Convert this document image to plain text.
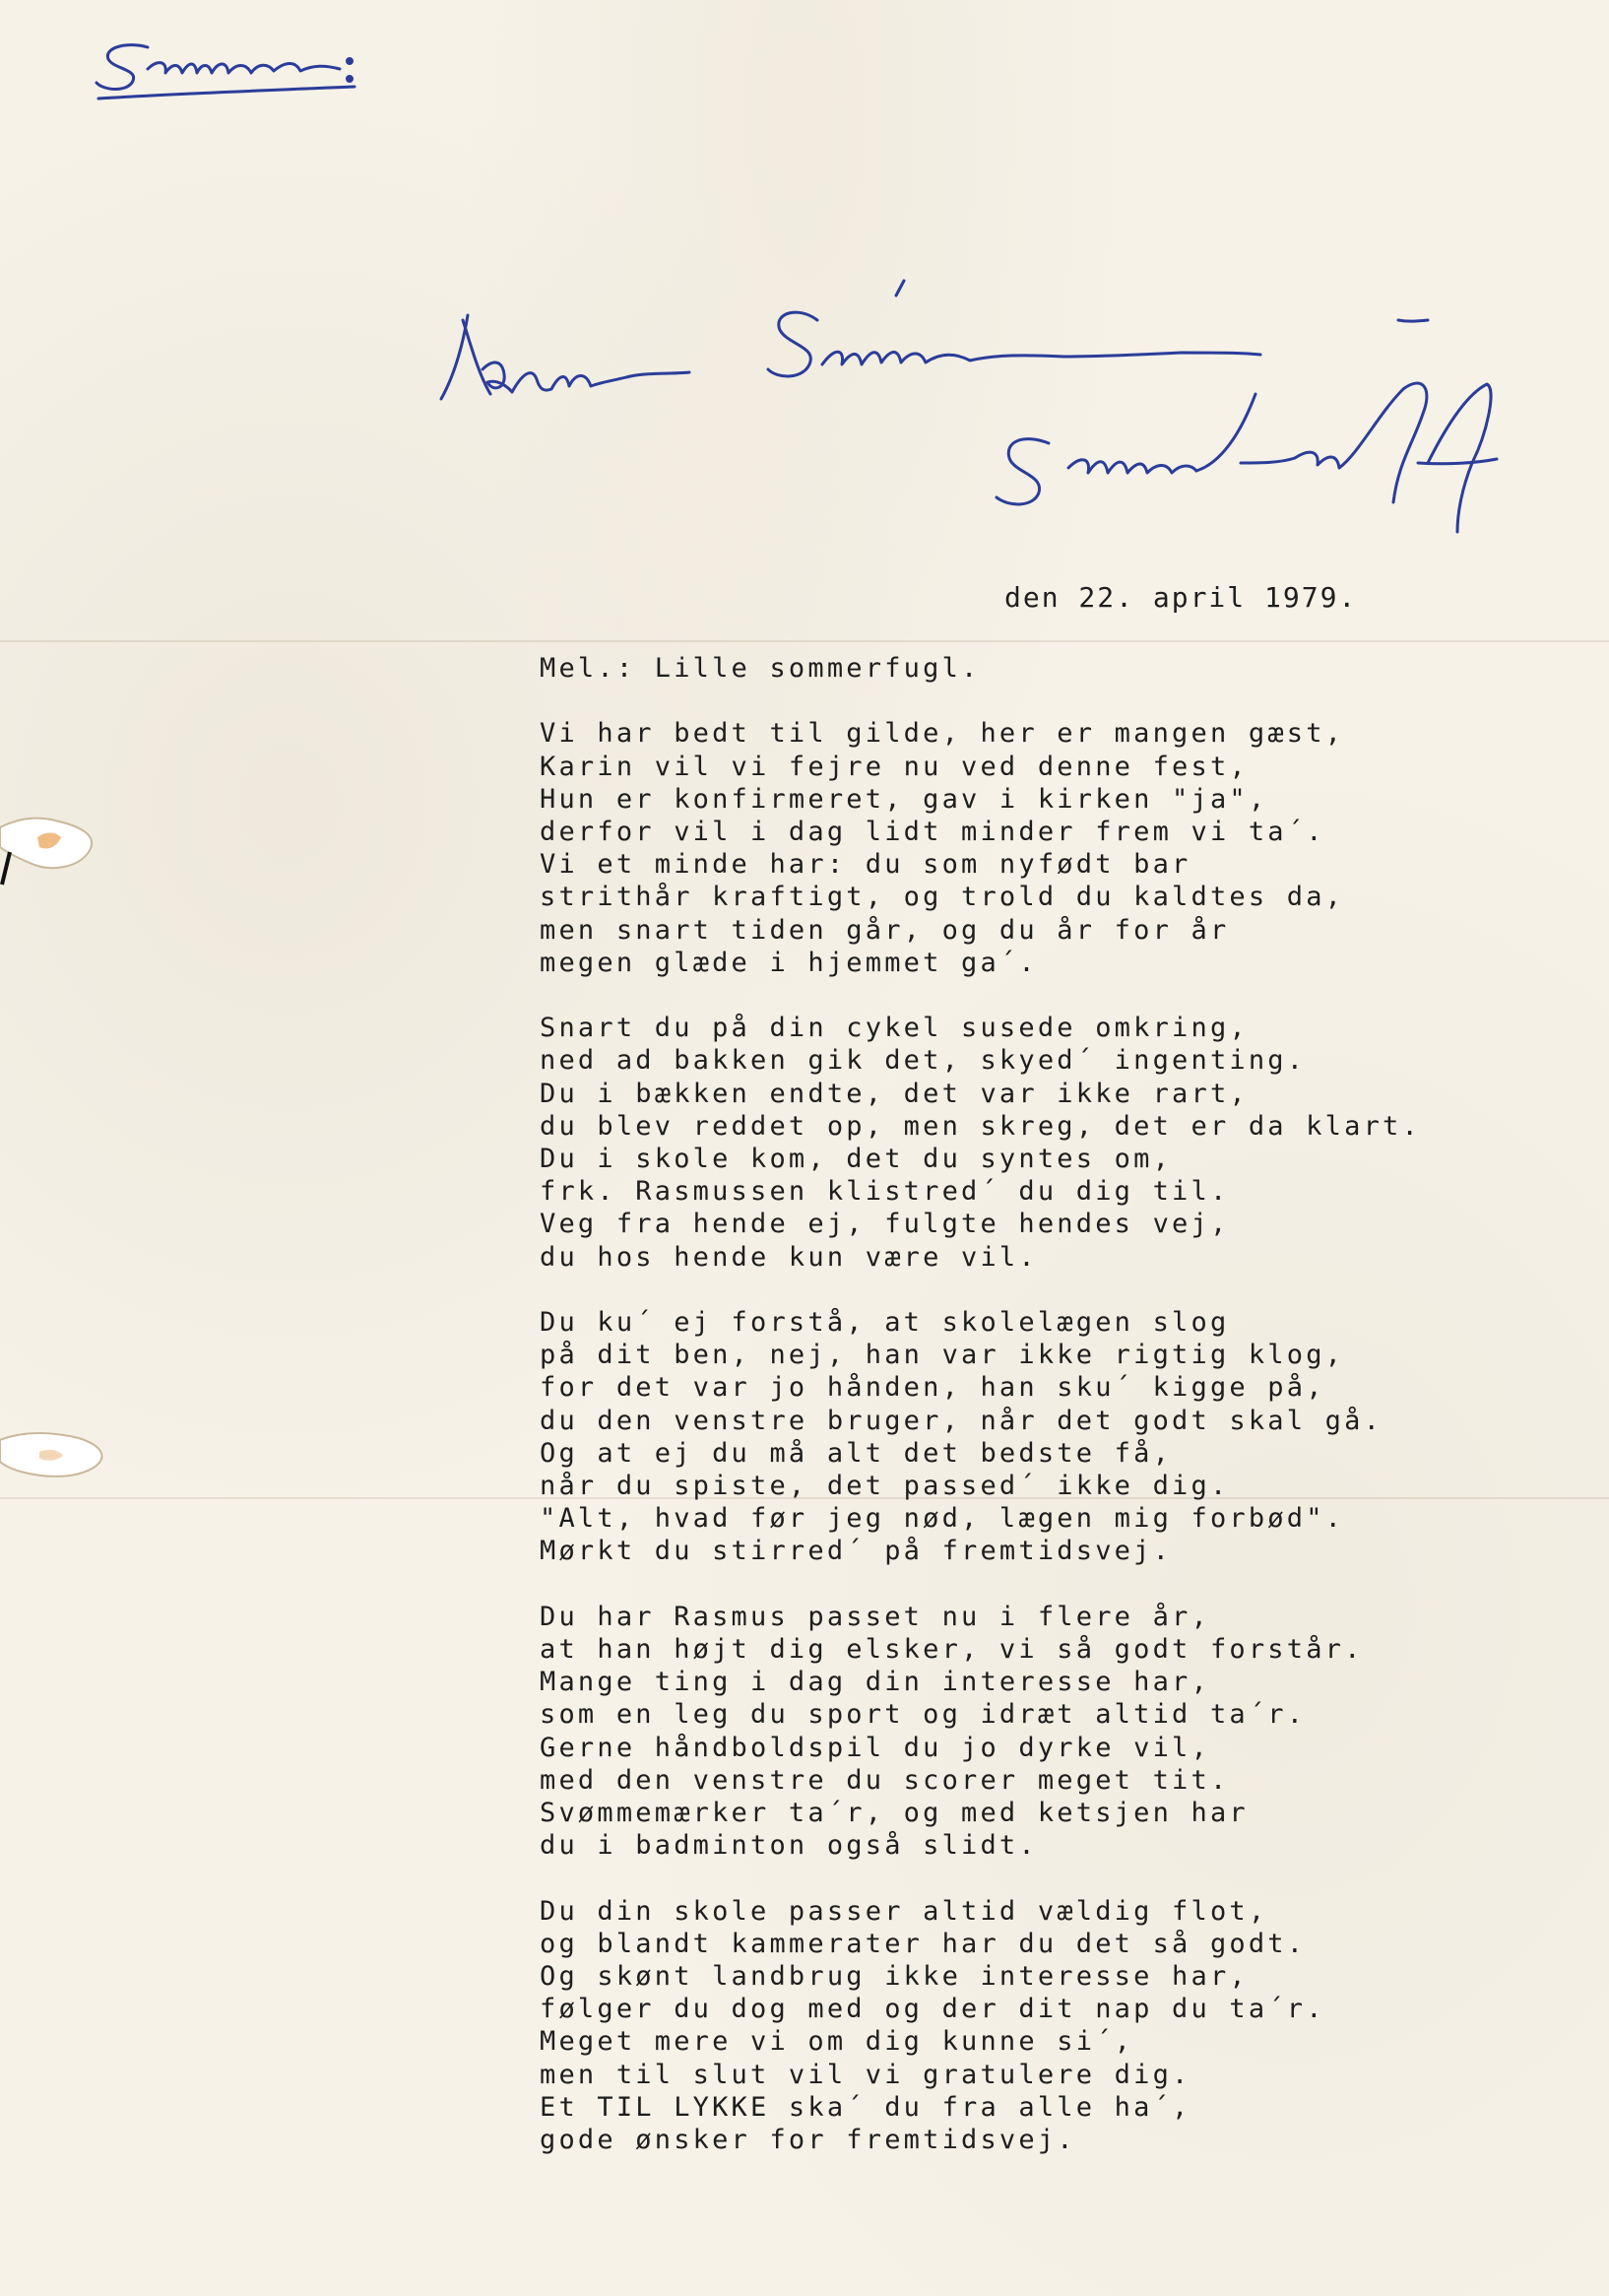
den 22. april 1979.
Mel.: Lille sommerfugl.
Vi har bedt til gilde, her er mangen gæst,
Karin vil vi fejre nu ved denne fest,
Hun er konfirmeret, gav i kirken "ja",
derfor vil i dag lidt minder frem vi ta´.
Vi et minde har: du som nyfødt bar
strithår kraftigt, og trold du kaldtes da,
men snart tiden går, og du år for år
megen glæde i hjemmet ga´.
Snart du på din cykel susede omkring,
ned ad bakken gik det, skyed´ ingenting.
Du i bækken endte, det var ikke rart,
du blev reddet op, men skreg, det er da klart.
Du i skole kom, det du syntes om,
frk. Rasmussen klistred´ du dig til.
Veg fra hende ej, fulgte hendes vej,
du hos hende kun være vil.
Du ku´ ej forstå, at skolelægen slog
på dit ben, nej, han var ikke rigtig klog,
for det var jo hånden, han sku´ kigge på,
du den venstre bruger, når det godt skal gå.
Og at ej du må alt det bedste få,
når du spiste, det passed´ ikke dig.
"Alt, hvad før jeg nød, lægen mig forbød".
Mørkt du stirred´ på fremtidsvej.
Du har Rasmus passet nu i flere år,
at han højt dig elsker, vi så godt forstår.
Mange ting i dag din interesse har,
som en leg du sport og idræt altid ta´r.
Gerne håndboldspil du jo dyrke vil,
med den venstre du scorer meget tit.
Svømmemærker ta´r, og med ketsjen har
du i badminton også slidt.
Du din skole passer altid vældig flot,
og blandt kammerater har du det så godt.
Og skønt landbrug ikke interesse har,
følger du dog med og der dit nap du ta´r.
Meget mere vi om dig kunne si´,
men til slut vil vi gratulere dig.
Et TIL LYKKE ska´ du fra alle ha´,
gode ønsker for fremtidsvej.
